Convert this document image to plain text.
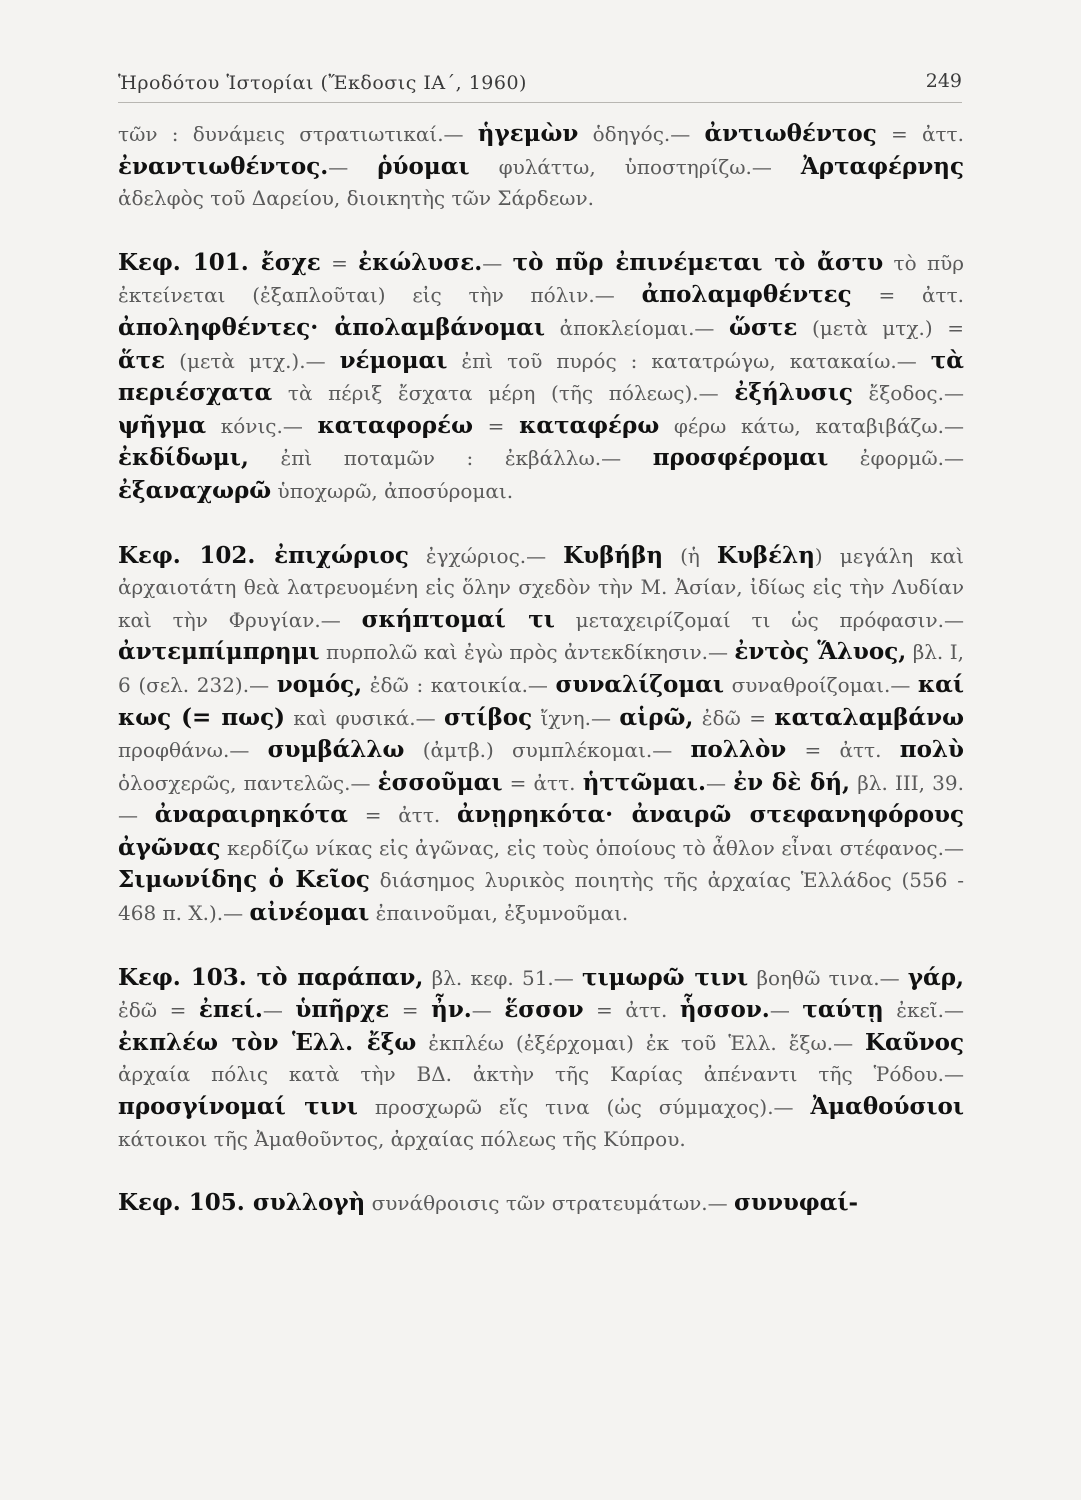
Ἡροδότου Ἱστορίαι (Ἔκδοσις ΙΑ΄, 1960)	249

τῶν : δυνάμεις στρατιωτικαί.— ἡγεμὼν ὁδηγός.— ἀντιωθέντος = ἀττ. ἐναντιωθέντος.— ῥύομαι φυλάττω, ὑποστηρίζω.— Ἀρταφέρνης ἀδελφὸς τοῦ Δαρείου, διοικητὴς τῶν Σάρδεων.

Κεφ. 101. ἔσχε = ἐκώλυσε.— τὸ πῦρ ἐπινέμεται τὸ ἄστυ τὸ πῦρ ἐκτείνεται (ἐξαπλοῦται) εἰς τὴν πόλιν.— ἀπολαμφθέντες = ἀττ. ἀποληφθέντες· ἀπολαμβάνομαι ἀποκλείομαι.— ὥστε (μετὰ μτχ.) = ἅτε (μετὰ μτχ.).— νέμομαι ἐπὶ τοῦ πυρός : κατατρώγω, κατακαίω.— τὰ περιέσχατα τὰ πέριξ ἔσχατα μέρη (τῆς πόλεως).— ἐξήλυσις ἔξοδος.— ψῆγμα κόνις.— καταφορέω = καταφέρω φέρω κάτω, καταβιβάζω.— ἐκδίδωμι, ἐπὶ ποταμῶν : ἐκβάλλω.— προσφέρομαι ἐφορμῶ.— ἐξαναχωρῶ ὑποχωρῶ, ἀποσύρομαι.

Κεφ. 102. ἐπιχώριος ἐγχώριος.— Κυβήβη (ἡ Κυβέλη) μεγάλη καὶ ἀρχαιοτάτη θεὰ λατρευομένη εἰς ὅλην σχεδὸν τὴν Μ. Ἀσίαν, ἰδίως εἰς τὴν Λυδίαν καὶ τὴν Φρυγίαν.— σκήπτομαί τι μεταχειρίζομαί τι ὡς πρόφασιν.— ἀντεμπίμπρημι πυρπολῶ καὶ ἐγὼ πρὸς ἀντεκδίκησιν.— ἐντὸς Ἅλυος, βλ. I, 6 (σελ. 232).— νομός, ἐδῶ : κατοικία.— συναλίζομαι συναθροίζομαι.— καί κως (= πως) καὶ φυσικά.— στίβος ἴχνη.— αἱρῶ, ἐδῶ = καταλαμβάνω προφθάνω.— συμβάλλω (ἀμτβ.) συμπλέκομαι.— πολλὸν = ἀττ. πολὺ ὁλοσχερῶς, παντελῶς.— ἑσσοῦμαι = ἀττ. ἡττῶμαι.— ἐν δὲ δή, βλ. III, 39.— ἀναραιρηκότα = ἀττ. ἀνῃρηκότα· ἀναιρῶ στεφανηφόρους ἀγῶνας κερδίζω νίκας εἰς ἀγῶνας, εἰς τοὺς ὁποίους τὸ ἆθλον εἶναι στέφανος.— Σιμωνίδης ὁ Κεῖος διάσημος λυρικὸς ποιητὴς τῆς ἀρχαίας Ἑλλάδος (556 - 468 π. Χ.).— αἰνέομαι ἐπαινοῦμαι, ἐξυμνοῦμαι.

Κεφ. 103. τὸ παράπαν, βλ. κεφ. 51.— τιμωρῶ τινι βοηθῶ τινα.— γάρ, ἐδῶ = ἐπεί.— ὑπῆρχε = ἦν.— ἕσσον = ἀττ. ἧσσον.— ταύτῃ ἐκεῖ.— ἐκπλέω τὸν Ἑλλ. ἔξω ἐκπλέω (ἐξέρχομαι) ἐκ τοῦ Ἑλλ. ἔξω.— Καῦνος ἀρχαία πόλις κατὰ τὴν ΒΔ. ἀκτὴν τῆς Καρίας ἀπέναντι τῆς Ῥόδου.— προσγίνομαί τινι προσχωρῶ εἴς τινα (ὡς σύμμαχος).— Ἀμαθούσιοι κάτοικοι τῆς Ἀμαθοῦντος, ἀρχαίας πόλεως τῆς Κύπρου.

Κεφ. 105. συλλογὴ συνάθροισις τῶν στρατευμάτων.— συνυφαί-
